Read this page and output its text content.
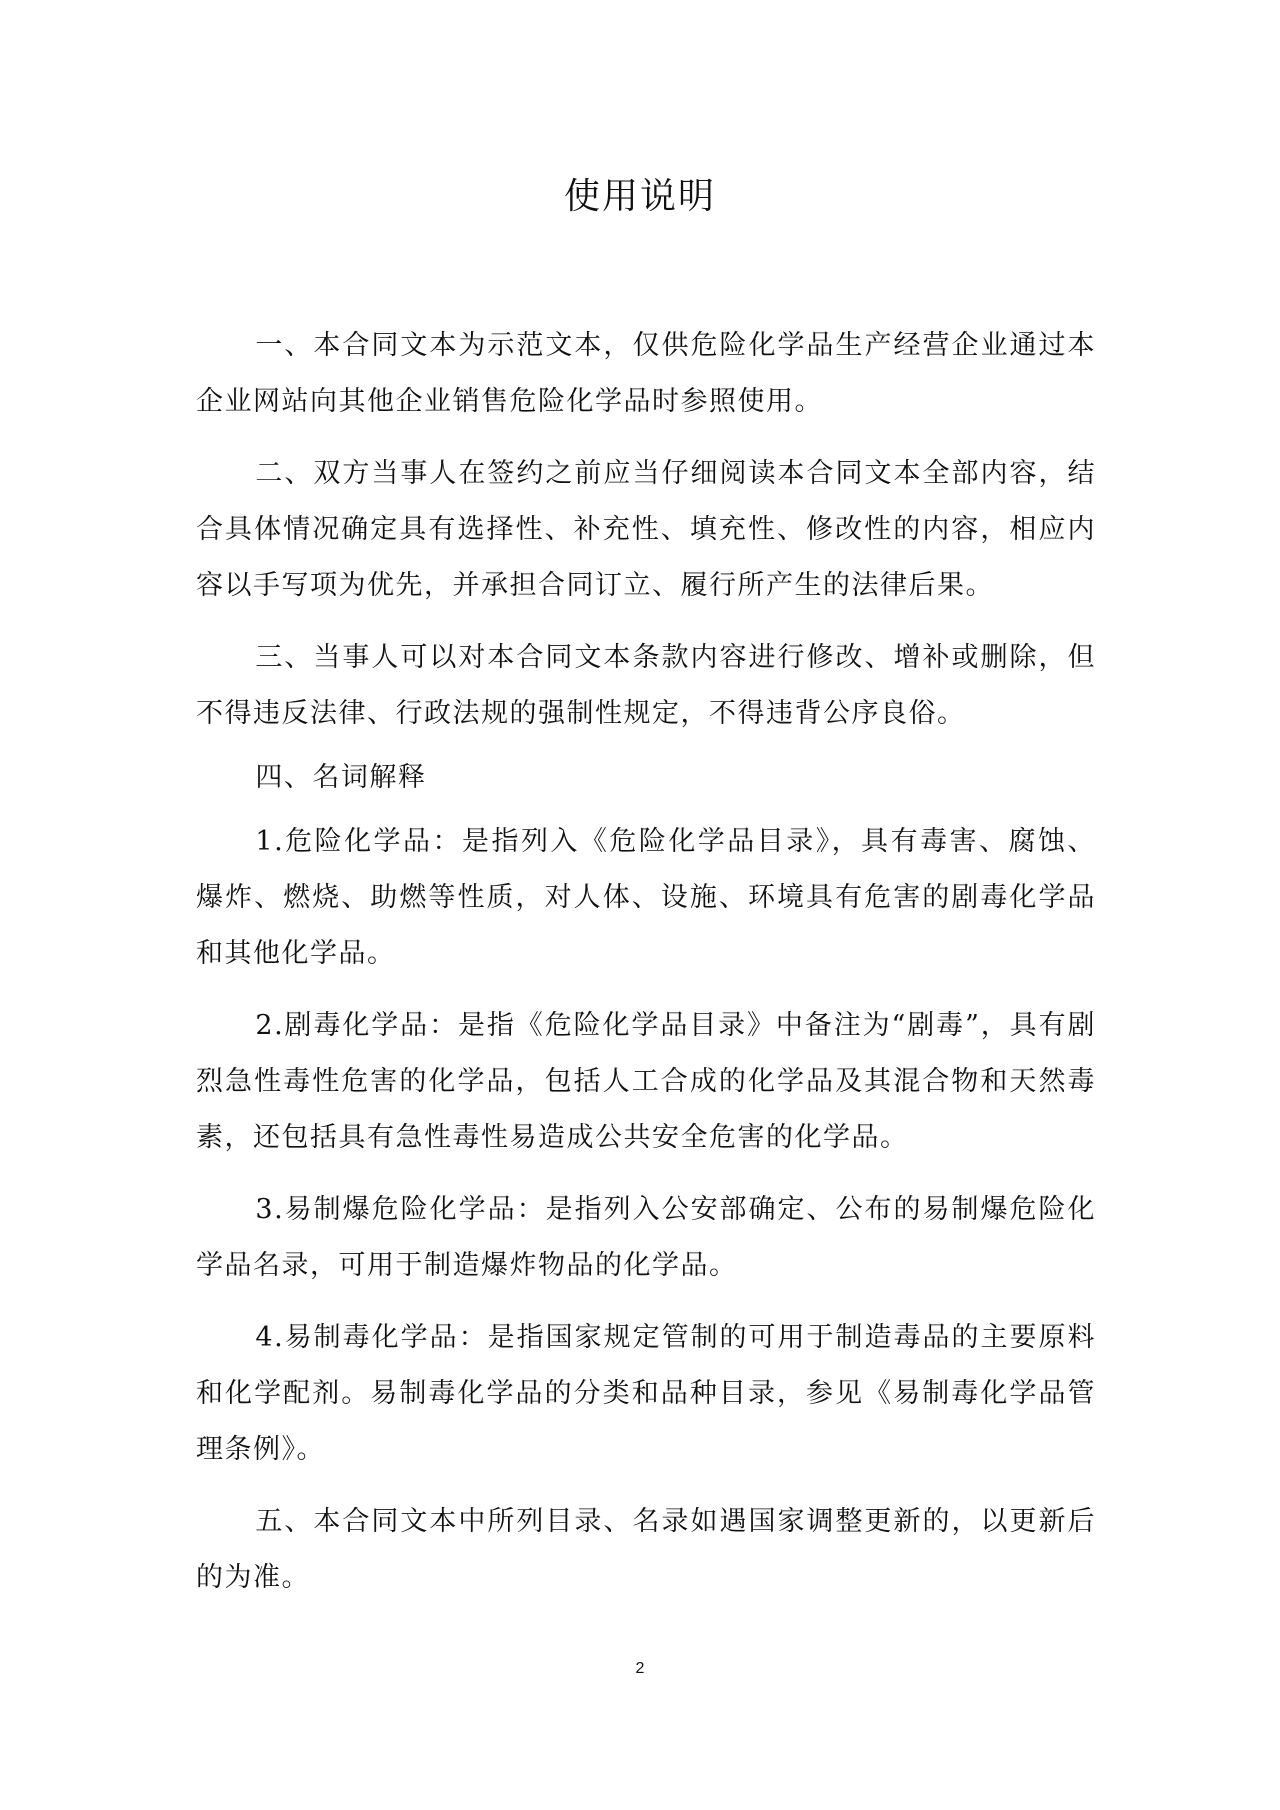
使用说明

一、本合同文本为示范文本，仅供危险化学品生产经营企业通过本企业网站向其他企业销售危险化学品时参照使用。

二、双方当事人在签约之前应当仔细阅读本合同文本全部内容，结合具体情况确定具有选择性、补充性、填充性、修改性的内容，相应内容以手写项为优先，并承担合同订立、履行所产生的法律后果。

三、当事人可以对本合同文本条款内容进行修改、增补或删除，但不得违反法律、行政法规的强制性规定，不得违背公序良俗。

四、名词解释

1.危险化学品：是指列入《危险化学品目录》，具有毒害、腐蚀、爆炸、燃烧、助燃等性质，对人体、设施、环境具有危害的剧毒化学品和其他化学品。

2.剧毒化学品：是指《危险化学品目录》中备注为“剧毒”，具有剧烈急性毒性危害的化学品，包括人工合成的化学品及其混合物和天然毒素，还包括具有急性毒性易造成公共安全危害的化学品。

3.易制爆危险化学品：是指列入公安部确定、公布的易制爆危险化学品名录，可用于制造爆炸物品的化学品。

4.易制毒化学品：是指国家规定管制的可用于制造毒品的主要原料和化学配剂。易制毒化学品的分类和品种目录，参见《易制毒化学品管理条例》。

五、本合同文本中所列目录、名录如遇国家调整更新的，以更新后的为准。

2
